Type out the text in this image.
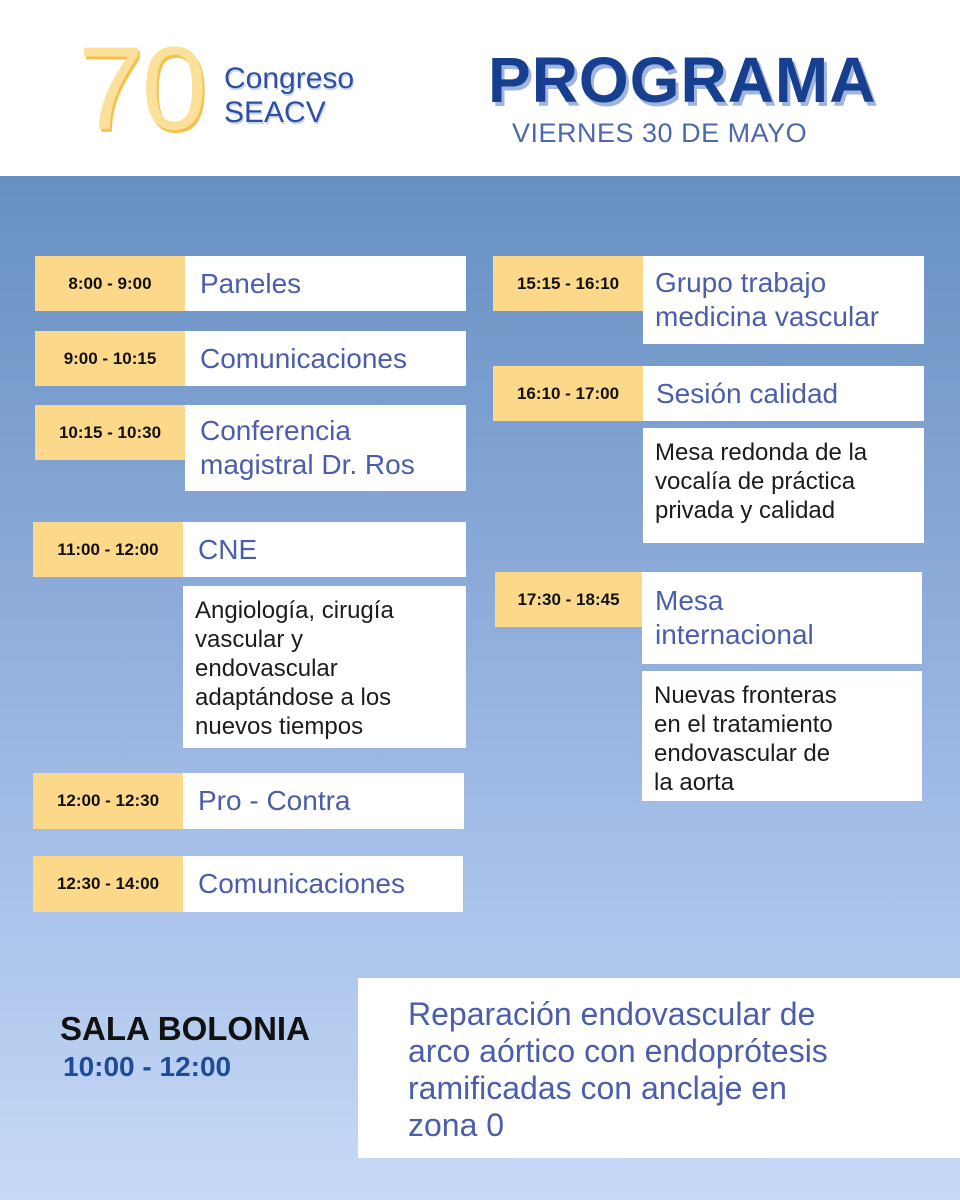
70 Congreso
SEACV	PROGRAMA
VIERNES 30 DE MAYO
8:00 - 9:00	Paneles
9:00 - 10:15	Comunicaciones
10:15 - 10:30	Conferencia
magistral Dr. Ros
11:00 - 12:00	CNE
Angiología, cirugía
vascular y
endovascular
adaptándose a los
nuevos tiempos
12:00 - 12:30	Pro - Contra
12:30 - 14:00	Comunicaciones
15:15 - 16:10	Grupo trabajo
medicina vascular
16:10 - 17:00	Sesión calidad
Mesa redonda de la
vocalía de práctica
privada y calidad
17:30 - 18:45	Mesa
internacional
Nuevas fronteras
en el tratamiento
endovascular de
la aorta
SALA BOLONIA
10:00 - 12:00
Reparación endovascular de
arco aórtico con endoprótesis
ramificadas con anclaje en
zona 0
